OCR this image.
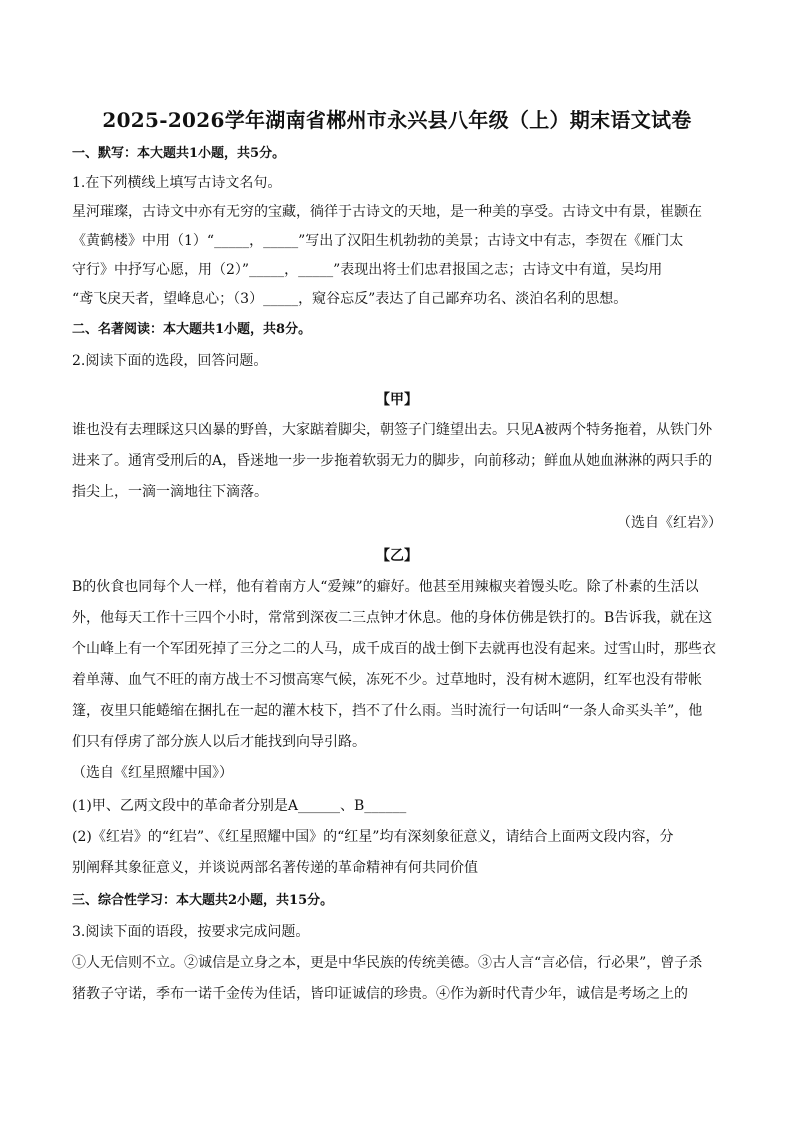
2025-2026学年湖南省郴州市永兴县八年级（上）期末语文试卷
一、默写：本大题共1小题，共5分。
1.在下列横线上填写古诗文名句。
星河璀璨，古诗文中亦有无穷的宝藏，徜徉于古诗文的天地，是一种美的享受。古诗文中有景，崔颢在
《黄鹤楼》中用（1）“_____，_____”写出了汉阳生机勃勃的美景；古诗文中有志，李贺在《雁门太
守行》中抒写心愿，用（2）”_____，_____”表现出将士们忠君报国之志；古诗文中有道，吴均用
“鸢飞戾天者，望峰息心；（3）_____，窥谷忘反”表达了自己鄙弃功名、淡泊名利的思想。
二、名著阅读：本大题共1小题，共8分。
2.阅读下面的选段，回答问题。
【甲】
谁也没有去理睬这只凶暴的野兽，大家踮着脚尖，朝签子门缝望出去。只见A被两个特务拖着，从铁门外
进来了。通宵受刑后的A，昏迷地一步一步拖着软弱无力的脚步，向前移动；鲜血从她血淋淋的两只手的
指尖上，一滴一滴地往下滴落。
（选自《红岩》）
【乙】
B的伙食也同每个人一样，他有着南方人“爱辣”的癖好。他甚至用辣椒夹着馒头吃。除了朴素的生活以
外，他每天工作十三四个小时，常常到深夜二三点钟才休息。他的身体仿佛是铁打的。B告诉我，就在这
个山峰上有一个军团死掉了三分之二的人马，成千成百的战士倒下去就再也没有起来。过雪山时，那些衣
着单薄、血气不旺的南方战士不习惯高寒气候，冻死不少。过草地时，没有树木遮阴，红军也没有带帐
篷，夜里只能蜷缩在捆扎在一起的灌木枝下，挡不了什么雨。当时流行一句话叫“一条人命买头羊”，他
们只有俘虏了部分族人以后才能找到向导引路。
（选自《红星照耀中国》）
(1)甲、乙两文段中的革命者分别是A______、B______
(2)《红岩》的“红岩”、《红星照耀中国》的“红星”均有深刻象征意义，请结合上面两文段内容，分
别阐释其象征意义，并谈说两部名著传递的革命精神有何共同价值
三、综合性学习：本大题共2小题，共15分。
3.阅读下面的语段，按要求完成问题。
①人无信则不立。②诚信是立身之本，更是中华民族的传统美德。③古人言“言必信，行必果”，曾子杀
猪教子守诺，季布一诺千金传为佳话，皆印证诚信的珍贵。④作为新时代青少年，诚信是考场之上的
